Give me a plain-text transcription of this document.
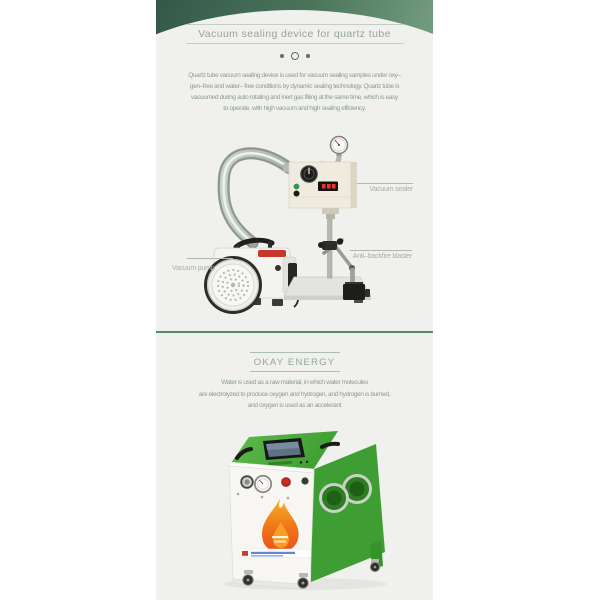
Vacuum sealing device for quartz tube
Quartz tube vacuum sealing device is used for vacuum sealing samples under oxy–
gen–free and water– free conditions by dynamic sealing technology. Quartz tube is
vacuumed during auto rotating and inert gas filling at the same time, which is easy
to operate, with high vacuum and high sealing efficiency.
Vacuum sealer
Anti–backfire blaster
Vacuum pump
OKAY ENERGY
Water is used as a raw material, in which water molecules
are electrolyzed to produce oxygen and hydrogen, and hydrogen is burned,
and oxygen is used as an accelerant
